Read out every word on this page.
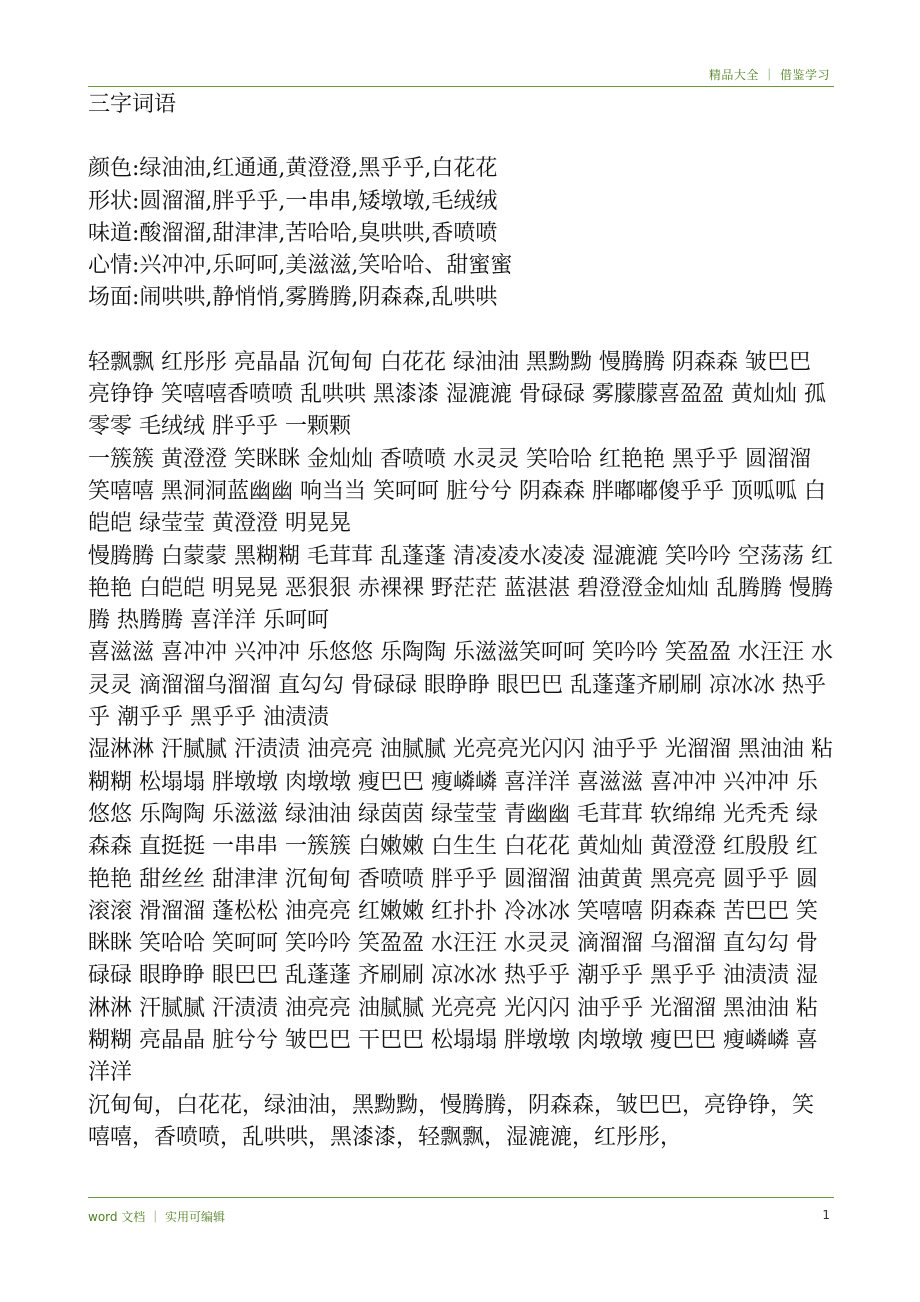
精品大全 ｜ 借鉴学习

三字词语

颜色:绿油油,红通通,黄澄澄,黑乎乎,白花花

形状:圆溜溜,胖乎乎,一串串,矮墩墩,毛绒绒

味道:酸溜溜,甜津津,苦哈哈,臭哄哄,香喷喷

心情:兴冲冲,乐呵呵,美滋滋,笑哈哈、甜蜜蜜

场面:闹哄哄,静悄悄,雾腾腾,阴森森,乱哄哄

轻飘飘 红彤彤 亮晶晶 沉甸甸 白花花 绿油油 黑黝黝 慢腾腾 阴森森 皱巴巴 亮铮铮 笑嘻嘻香喷喷 乱哄哄 黑漆漆 湿漉漉 骨碌碌 雾朦朦喜盈盈 黄灿灿 孤零零 毛绒绒 胖乎乎 一颗颗

一簇簇 黄澄澄 笑眯眯 金灿灿 香喷喷 水灵灵 笑哈哈 红艳艳 黑乎乎 圆溜溜 笑嘻嘻 黑洞洞蓝幽幽 响当当 笑呵呵 脏兮兮 阴森森 胖嘟嘟傻乎乎 顶呱呱 白皑皑 绿莹莹 黄澄澄 明晃晃

慢腾腾 白蒙蒙 黑糊糊 毛茸茸 乱蓬蓬 清凌凌水凌凌 湿漉漉 笑吟吟 空荡荡 红艳艳 白皑皑 明晃晃 恶狠狠 赤裸裸 野茫茫 蓝湛湛 碧澄澄金灿灿 乱腾腾 慢腾腾 热腾腾 喜洋洋 乐呵呵

喜滋滋 喜冲冲 兴冲冲 乐悠悠 乐陶陶 乐滋滋笑呵呵 笑吟吟 笑盈盈 水汪汪 水灵灵 滴溜溜乌溜溜 直勾勾 骨碌碌 眼睁睁 眼巴巴 乱蓬蓬齐刷刷 凉冰冰 热乎乎 潮乎乎 黑乎乎 油渍渍

湿淋淋 汗腻腻 汗渍渍 油亮亮 油腻腻 光亮亮光闪闪 油乎乎 光溜溜 黑油油 粘糊糊 松塌塌 胖墩墩 肉墩墩 瘦巴巴 瘦嶙嶙 喜洋洋 喜滋滋 喜冲冲 兴冲冲 乐悠悠 乐陶陶 乐滋滋 绿油油 绿茵茵 绿莹莹 青幽幽 毛茸茸 软绵绵 光秃秃 绿森森 直挺挺 一串串 一簇簇 白嫩嫩 白生生 白花花 黄灿灿 黄澄澄 红殷殷 红艳艳 甜丝丝 甜津津 沉甸甸 香喷喷 胖乎乎 圆溜溜 油黄黄 黑亮亮 圆乎乎 圆滚滚 滑溜溜 蓬松松 油亮亮 红嫩嫩 红扑扑 冷冰冰 笑嘻嘻 阴森森 苦巴巴 笑眯眯 笑哈哈 笑呵呵 笑吟吟 笑盈盈 水汪汪 水灵灵 滴溜溜 乌溜溜 直勾勾 骨碌碌 眼睁睁 眼巴巴 乱蓬蓬 齐刷刷 凉冰冰 热乎乎 潮乎乎 黑乎乎 油渍渍 湿淋淋 汗腻腻 汗渍渍 油亮亮 油腻腻 光亮亮 光闪闪 油乎乎 光溜溜 黑油油 粘糊糊 亮晶晶 脏兮兮 皱巴巴 干巴巴 松塌塌 胖墩墩 肉墩墩 瘦巴巴 瘦嶙嶙 喜洋洋

沉甸甸，白花花，绿油油，黑黝黝，慢腾腾，阴森森，皱巴巴，亮铮铮，笑嘻嘻，香喷喷，乱哄哄，黑漆漆，轻飘飘，湿漉漉，红彤彤，

word 文档 ｜ 实用可编辑	1
